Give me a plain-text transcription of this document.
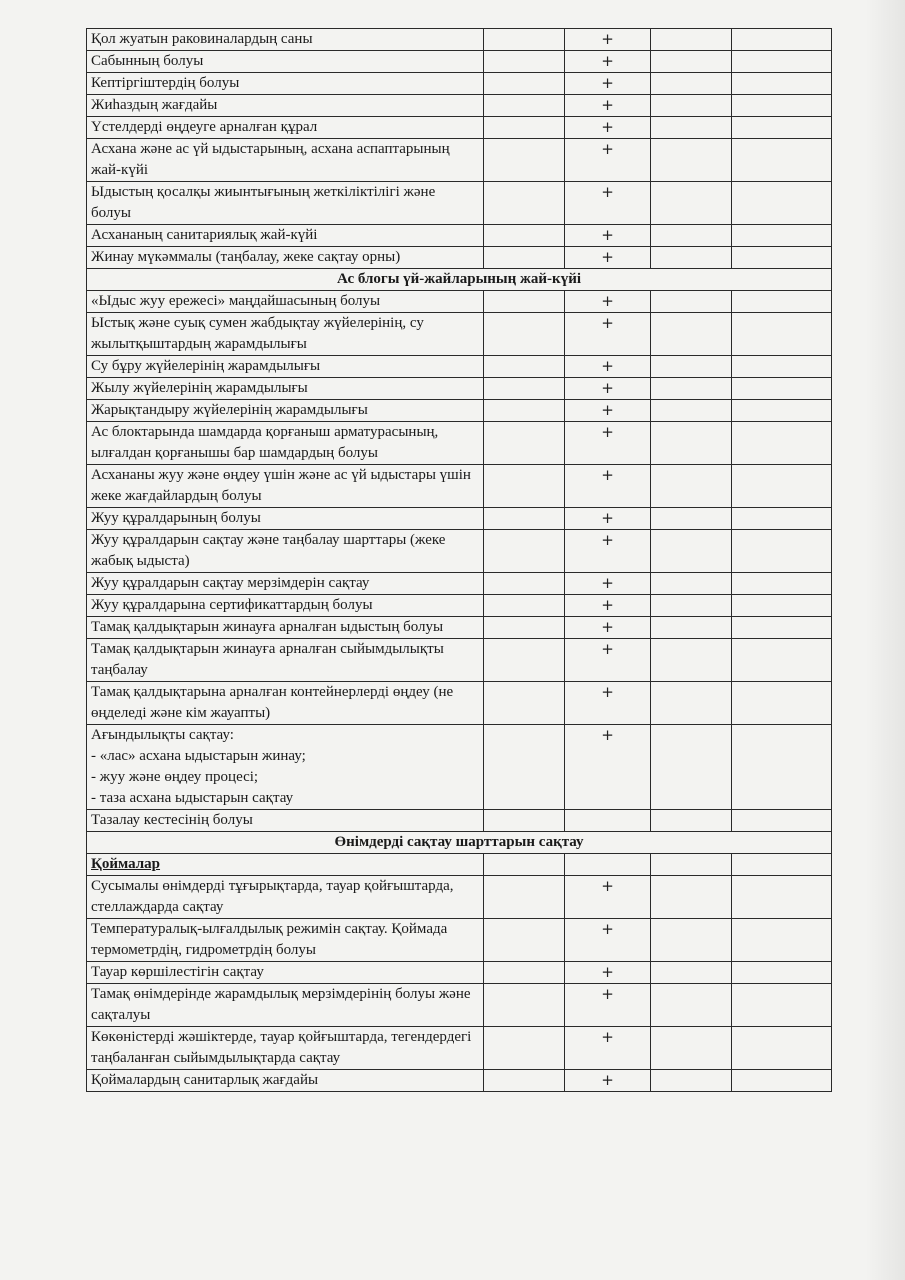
Қол жуатын раковиналардың саны		+		
Сабынның болуы		+		
Кептіргіштердің болуы		+		
Жиһаздың жағдайы		+		
Үстелдерді өңдеуге арналған құрал		+		
Асхана және ас үй ыдыстарының, асхана аспаптарының жай-күйі		+		
Ыдыстың қосалқы жиынтығының жеткіліктілігі және болуы		+		
Асхананың санитариялық жай-күйі		+		
Жинау мүкәммалы (таңбалау, жеке сақтау орны)		+		
Ас блогы үй-жайларының жай-күйі				
«Ыдыс жуу ережесі» маңдайшасының болуы		+		
Ыстық және суық сумен жабдықтау жүйелерінің, су жылытқыштардың жарамдылығы		+		
Су бұру жүйелерінің жарамдылығы		+		
Жылу жүйелерінің жарамдылығы		+		
Жарықтандыру жүйелерінің жарамдылығы		+		
Ас блоктарында шамдарда қорғаныш арматурасының, ылғалдан қорғанышы бар шамдардың болуы		+		
Асхананы жуу және өңдеу үшін және ас үй ыдыстары үшін жеке жағдайлардың болуы		+		
Жуу құралдарының болуы		+		
Жуу құралдарын сақтау және таңбалау шарттары (жеке жабық ыдыста)		+		
Жуу құралдарын сақтау мерзімдерін сақтау		+		
Жуу құралдарына сертификаттардың болуы		+		
Тамақ қалдықтарын жинауға арналған ыдыстың болуы		+		
Тамақ қалдықтарын жинауға арналған сыйымдылықты таңбалау		+		
Тамақ қалдықтарына арналған контейнерлерді өңдеу (не өңделеді және кім жауапты)		+		
Ағындылықты сақтау:
- «лас» асхана ыдыстарын жинау;
- жуу және өңдеу процесі;
- таза асхана ыдыстарын сақтау		+		
Тазалау кестесінің болуы				
Өнімдерді сақтау шарттарын сақтау				
Қоймалар				
Сусымалы өнімдерді тұғырықтарда, тауар қойғыштарда, стеллаждарда сақтау		+		
Температуралық-ылғалдылық режимін сақтау. Қоймада термометрдің, гидрометрдің болуы		+		
Тауар көршілестігін сақтау		+		
Тамақ өнімдерінде жарамдылық мерзімдерінің болуы және сақталуы		+		
Көкөністерді жәшіктерде, тауар қойғыштарда, тегендердегі таңбаланған сыйымдылықтарда сақтау		+		
Қоймалардың санитарлық жағдайы		+		
